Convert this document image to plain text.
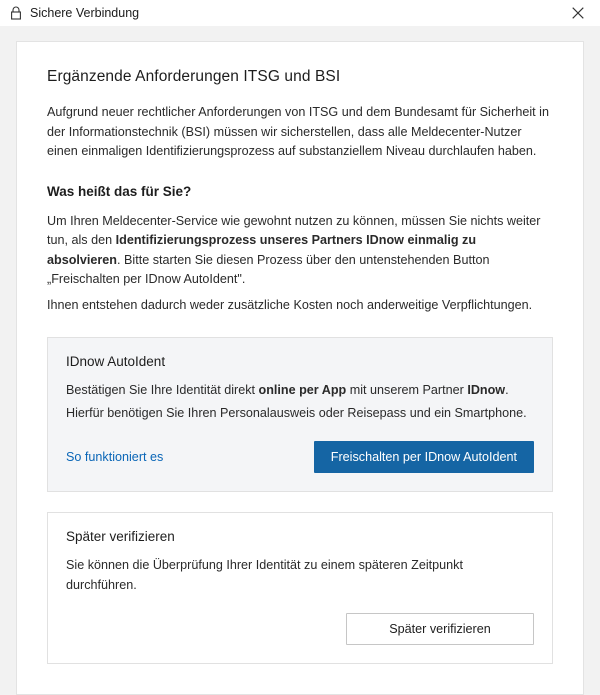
Sichere Verbindung
Ergänzende Anforderungen ITSG und BSI

Aufgrund neuer rechtlicher Anforderungen von ITSG und dem Bundesamt für Sicherheit in der Informationstechnik (BSI) müssen wir sicherstellen, dass alle Meldecenter-Nutzer einen einmaligen Identifizierungsprozess auf substanziellem Niveau durchlaufen haben.

Was heißt das für Sie?

Um Ihren Meldecenter-Service wie gewohnt nutzen zu können, müssen Sie nichts weiter tun, als den Identifizierungsprozess unseres Partners IDnow einmalig zu absolvieren. Bitte starten Sie diesen Prozess über den untenstehenden Button „Freischalten per IDnow AutoIdent".

Ihnen entstehen dadurch weder zusätzliche Kosten noch anderweitige Verpflichtungen.

IDnow AutoIdent

Bestätigen Sie Ihre Identität direkt online per App mit unserem Partner IDnow.

Hierfür benötigen Sie Ihren Personalausweis oder Reisepass und ein Smartphone.

So funktioniert es	Freischalten per IDnow AutoIdent
Später verifizieren

Sie können die Überprüfung Ihrer Identität zu einem späteren Zeitpunkt durchführen.

Später verifizieren
